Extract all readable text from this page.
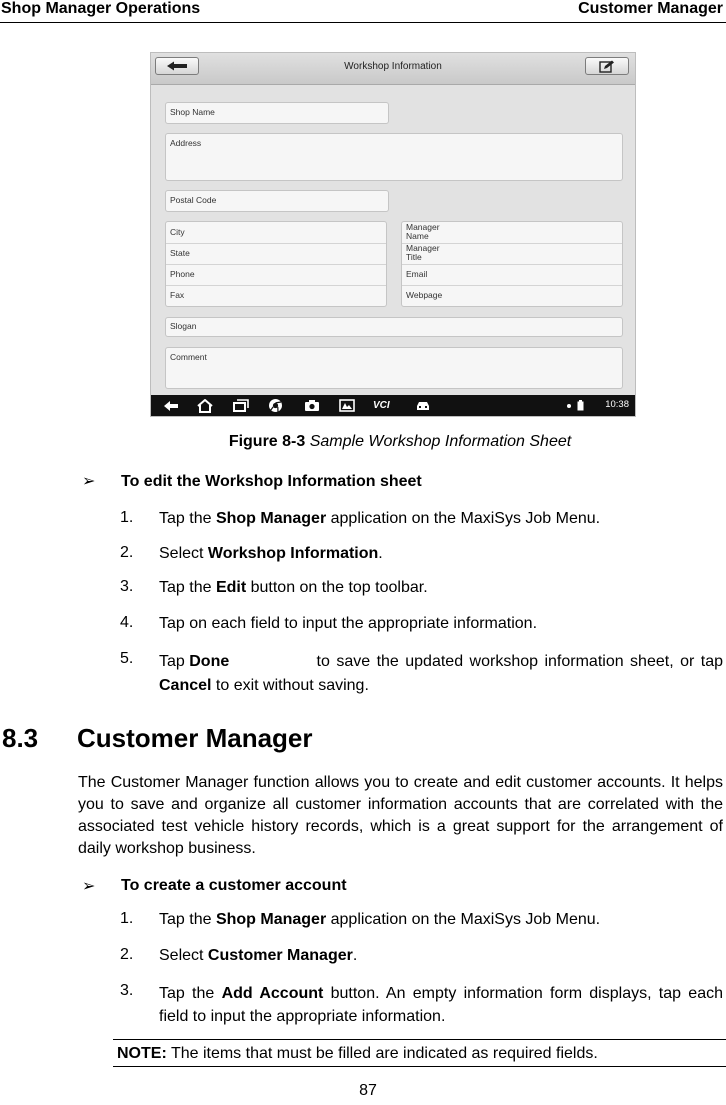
Shop Manager Operations	Customer Manager
Workshop Information
Shop Name
Address
Postal Code
City
State
Phone
Fax
Manager
Name
Manager
Title
Email
Webpage
Slogan
Comment
VCI	10:38
Figure 8-3 Sample Workshop Information Sheet
➢ To edit the Workshop Information sheet
1. Tap the Shop Manager application on the MaxiSys Job Menu.
2. Select Workshop Information.
3. Tap the Edit button on the top toolbar.
4. Tap on each field to input the appropriate information.
5. Tap Done	to save the updated workshop information sheet, or tap
Cancel to exit without saving.
8.3 Customer Manager
The Customer Manager function allows you to create and edit customer accounts. It helps you to save and organize all customer information accounts that are correlated with the associated test vehicle history records, which is a great support for the arrangement of daily workshop business.
➢ To create a customer account
1. Tap the Shop Manager application on the MaxiSys Job Menu.
2. Select Customer Manager.
3. Tap the Add Account button. An empty information form displays, tap each field to input the appropriate information.
NOTE: The items that must be filled are indicated as required fields.
87
